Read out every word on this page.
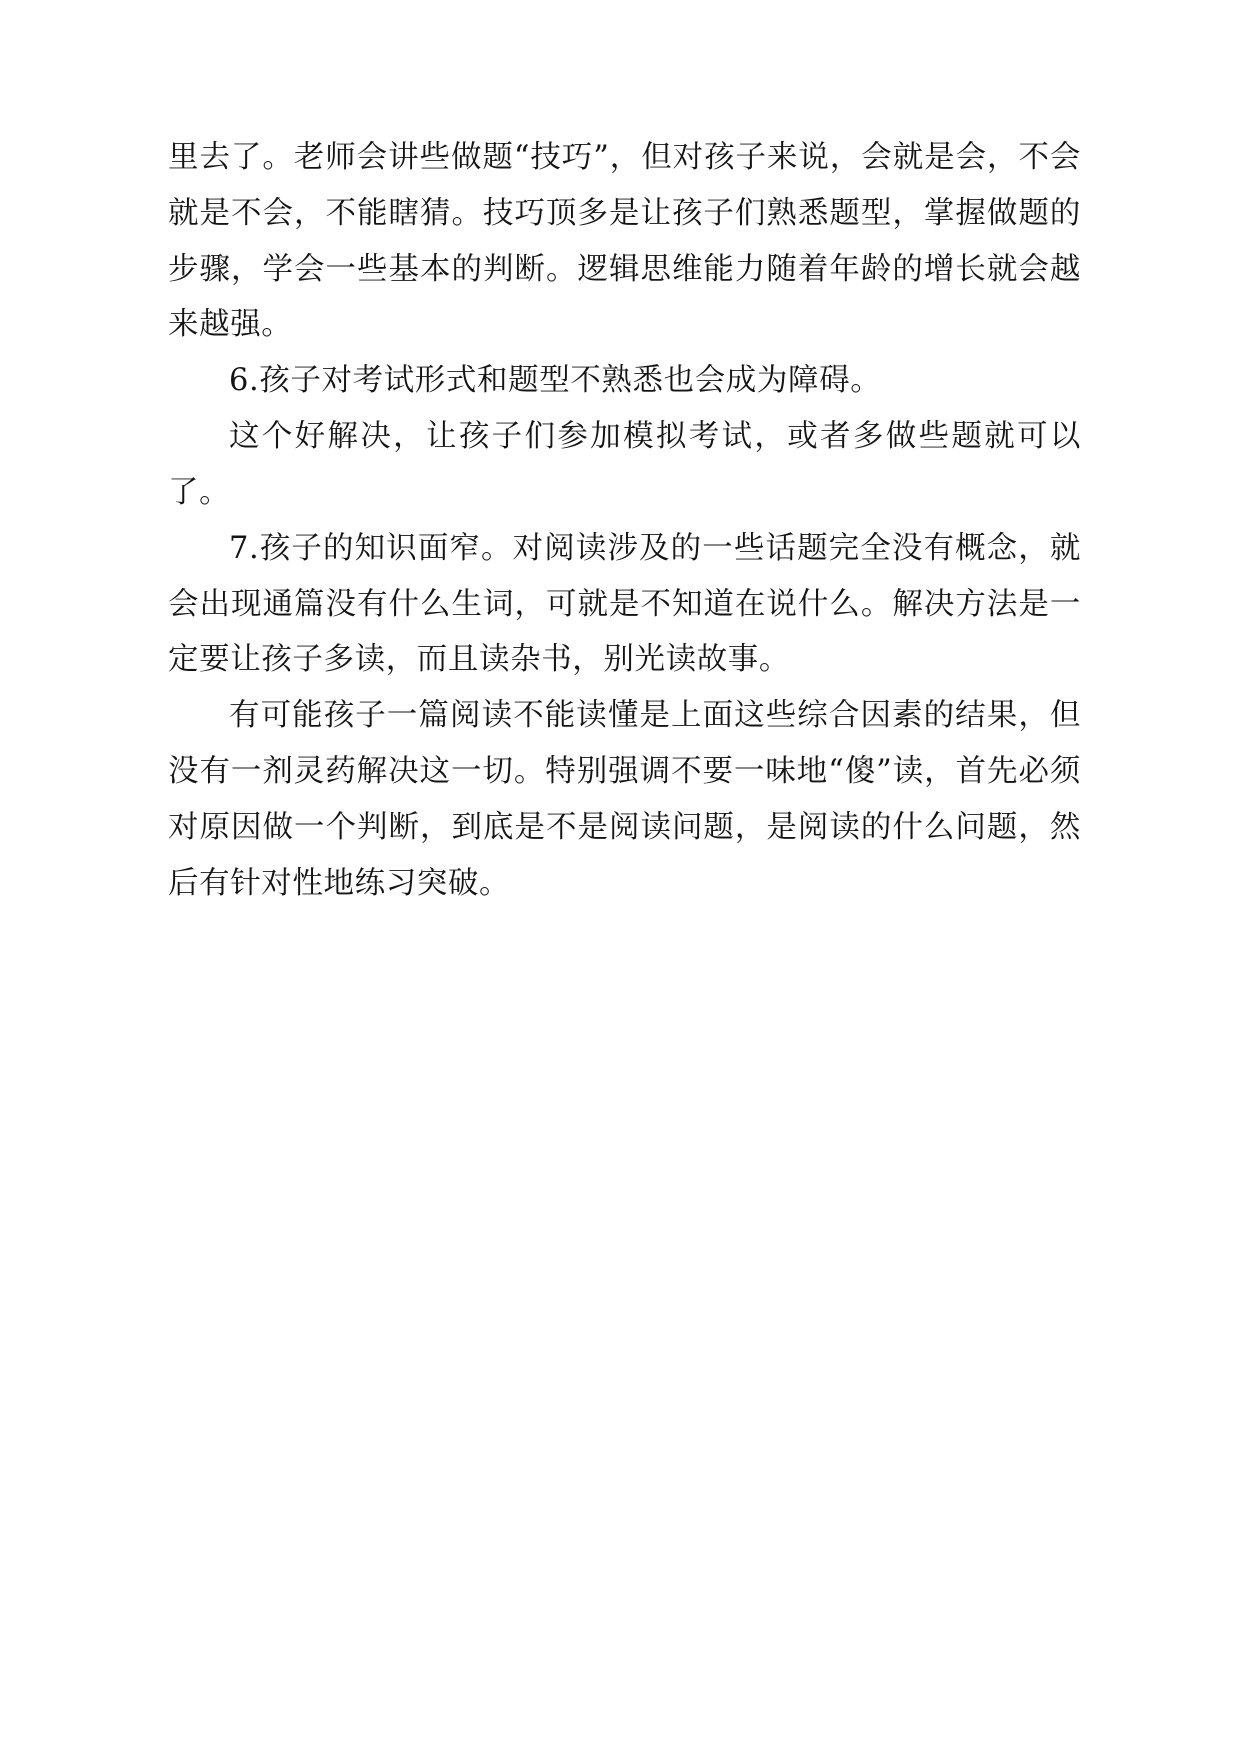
里去了。老师会讲些做题“技巧”，但对孩子来说，会就是会，不会就是不会，不能瞎猜。技巧顶多是让孩子们熟悉题型，掌握做题的步骤，学会一些基本的判断。逻辑思维能力随着年龄的增长就会越来越强。

6.孩子对考试形式和题型不熟悉也会成为障碍。

这个好解决，让孩子们参加模拟考试，或者多做些题就可以了。

7.孩子的知识面窄。对阅读涉及的一些话题完全没有概念，就会出现通篇没有什么生词，可就是不知道在说什么。解决方法是一定要让孩子多读，而且读杂书，别光读故事。

有可能孩子一篇阅读不能读懂是上面这些综合因素的结果，但没有一剂灵药解决这一切。特别强调不要一味地“傻”读，首先必须对原因做一个判断，到底是不是阅读问题，是阅读的什么问题，然后有针对性地练习突破。
